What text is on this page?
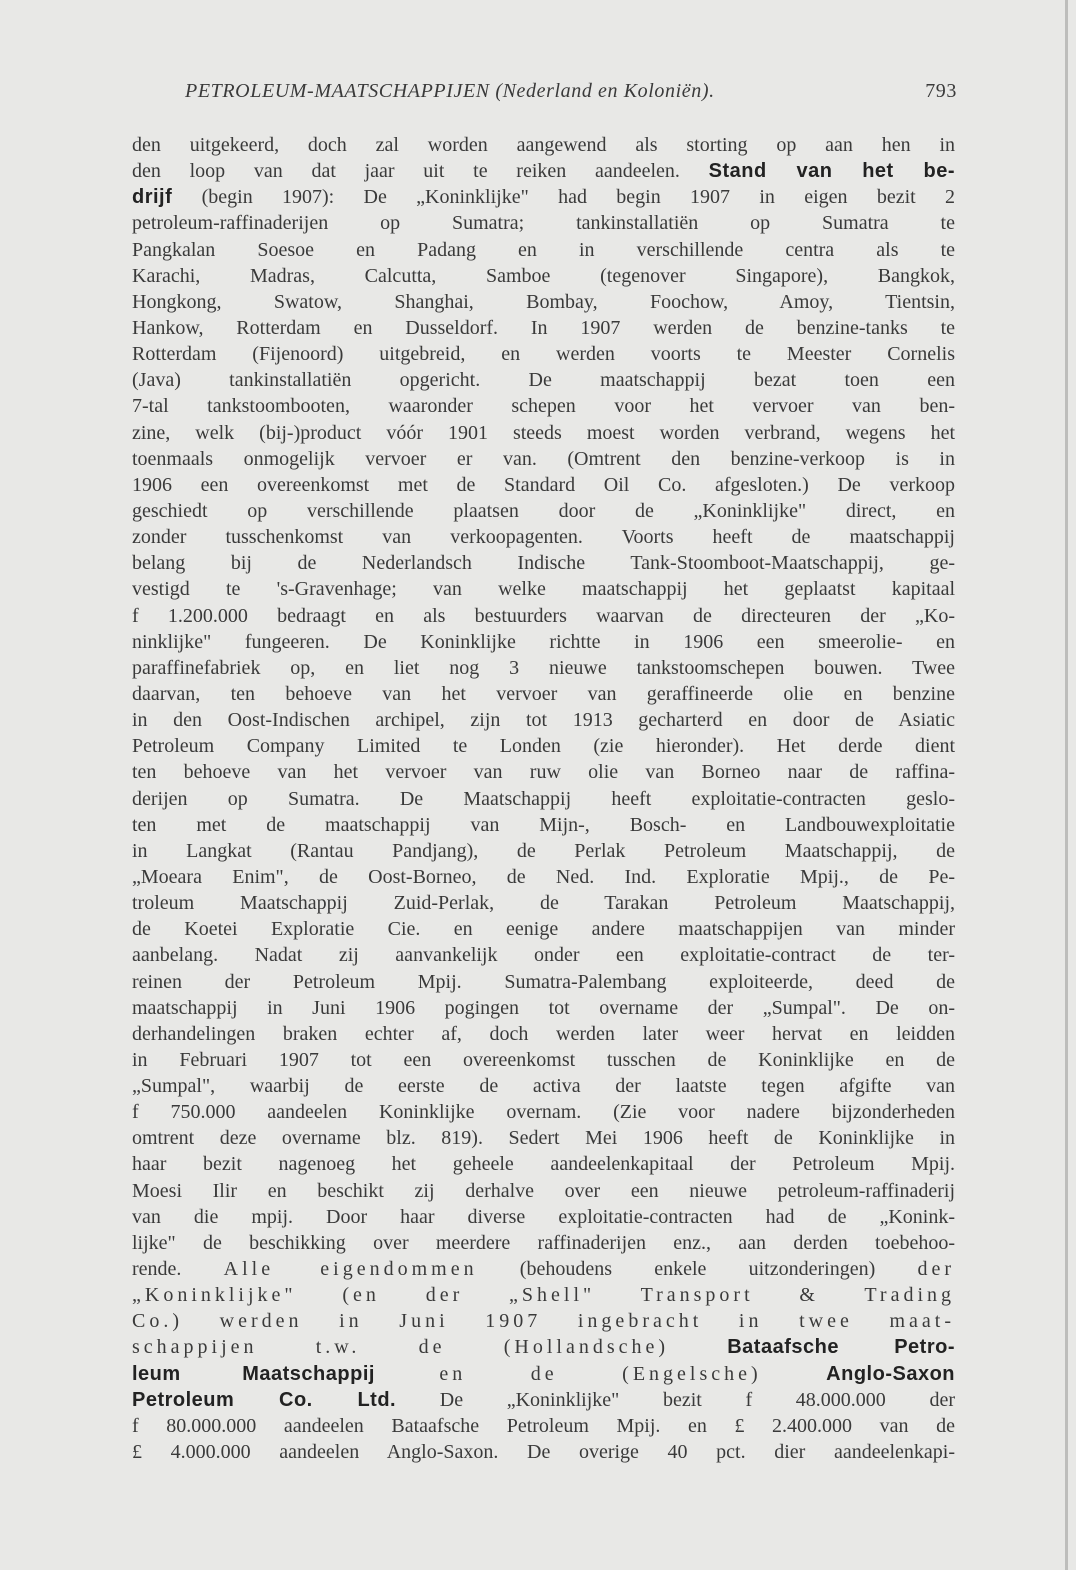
PETROLEUM-MAATSCHAPPIJEN (Nederland en Koloniën).	793
den uitgekeerd, doch zal worden aangewend als storting op aan hen in
den loop van dat jaar uit te reiken aandeelen. Stand van het be-
drijf (begin 1907): De „Koninklijke" had begin 1907 in eigen bezit 2
petroleum-raffinaderijen op Sumatra; tankinstallatiën op Sumatra te
Pangkalan Soesoe en Padang en in verschillende centra als te
Karachi, Madras, Calcutta, Samboe (tegenover Singapore), Bangkok,
Hongkong, Swatow, Shanghai, Bombay, Foochow, Amoy, Tientsin,
Hankow, Rotterdam en Dusseldorf. In 1907 werden de benzine-tanks te
Rotterdam (Fijenoord) uitgebreid, en werden voorts te Meester Cornelis
(Java) tankinstallatiën opgericht. De maatschappij bezat toen een
7-tal tankstoombooten, waaronder schepen voor het vervoer van ben-
zine, welk (bij-)product vóór 1901 steeds moest worden verbrand, wegens het
toenmaals onmogelijk vervoer er van. (Omtrent den benzine-verkoop is in
1906 een overeenkomst met de Standard Oil Co. afgesloten.) De verkoop
geschiedt op verschillende plaatsen door de „Koninklijke" direct, en
zonder tusschenkomst van verkoopagenten. Voorts heeft de maatschappij
belang bij de Nederlandsch Indische Tank-Stoomboot-Maatschappij, ge-
vestigd te 's-Gravenhage; van welke maatschappij het geplaatst kapitaal
f 1.200.000 bedraagt en als bestuurders waarvan de directeuren der „Ko-
ninklijke" fungeeren. De Koninklijke richtte in 1906 een smeerolie- en
paraffinefabriek op, en liet nog 3 nieuwe tankstoomschepen bouwen. Twee
daarvan, ten behoeve van het vervoer van geraffineerde olie en benzine
in den Oost-Indischen archipel, zijn tot 1913 gecharterd en door de Asiatic
Petroleum Company Limited te Londen (zie hieronder). Het derde dient
ten behoeve van het vervoer van ruw olie van Borneo naar de raffina-
derijen op Sumatra. De Maatschappij heeft exploitatie-contracten geslo-
ten met de maatschappij van Mijn-, Bosch- en Landbouwexploitatie
in Langkat (Rantau Pandjang), de Perlak Petroleum Maatschappij, de
„Moeara Enim", de Oost-Borneo, de Ned. Ind. Exploratie Mpij., de Pe-
troleum Maatschappij Zuid-Perlak, de Tarakan Petroleum Maatschappij,
de Koetei Exploratie Cie. en eenige andere maatschappijen van minder
aanbelang. Nadat zij aanvankelijk onder een exploitatie-contract de ter-
reinen der Petroleum Mpij. Sumatra-Palembang exploiteerde, deed de
maatschappij in Juni 1906 pogingen tot overname der „Sumpal". De on-
derhandelingen braken echter af, doch werden later weer hervat en leidden
in Februari 1907 tot een overeenkomst tusschen de Koninklijke en de
„Sumpal", waarbij de eerste de activa der laatste tegen afgifte van
f 750.000 aandeelen Koninklijke overnam. (Zie voor nadere bijzonderheden
omtrent deze overname blz. 819). Sedert Mei 1906 heeft de Koninklijke in
haar bezit nagenoeg het geheele aandeelenkapitaal der Petroleum Mpij.
Moesi Ilir en beschikt zij derhalve over een nieuwe petroleum-raffinaderij
van die mpij. Door haar diverse exploitatie-contracten had de „Konink-
lijke" de beschikking over meerdere raffinaderijen enz., aan derden toebehoo-
rende. Alle eigendommen (behoudens enkele uitzonderingen) der
„Koninklijke" (en der „Shell" Transport & Trading
Co.) werden in Juni 1907 ingebracht in twee maat-
schappijen t.w. de (Hollandsche) Bataafsche Petro-
leum Maatschappij en de (Engelsche) Anglo-Saxon
Petroleum Co. Ltd. De „Koninklijke" bezit f 48.000.000 der
f 80.000.000 aandeelen Bataafsche Petroleum Mpij. en £ 2.400.000 van de
£ 4.000.000 aandeelen Anglo-Saxon. De overige 40 pct. dier aandeelenkapi-
